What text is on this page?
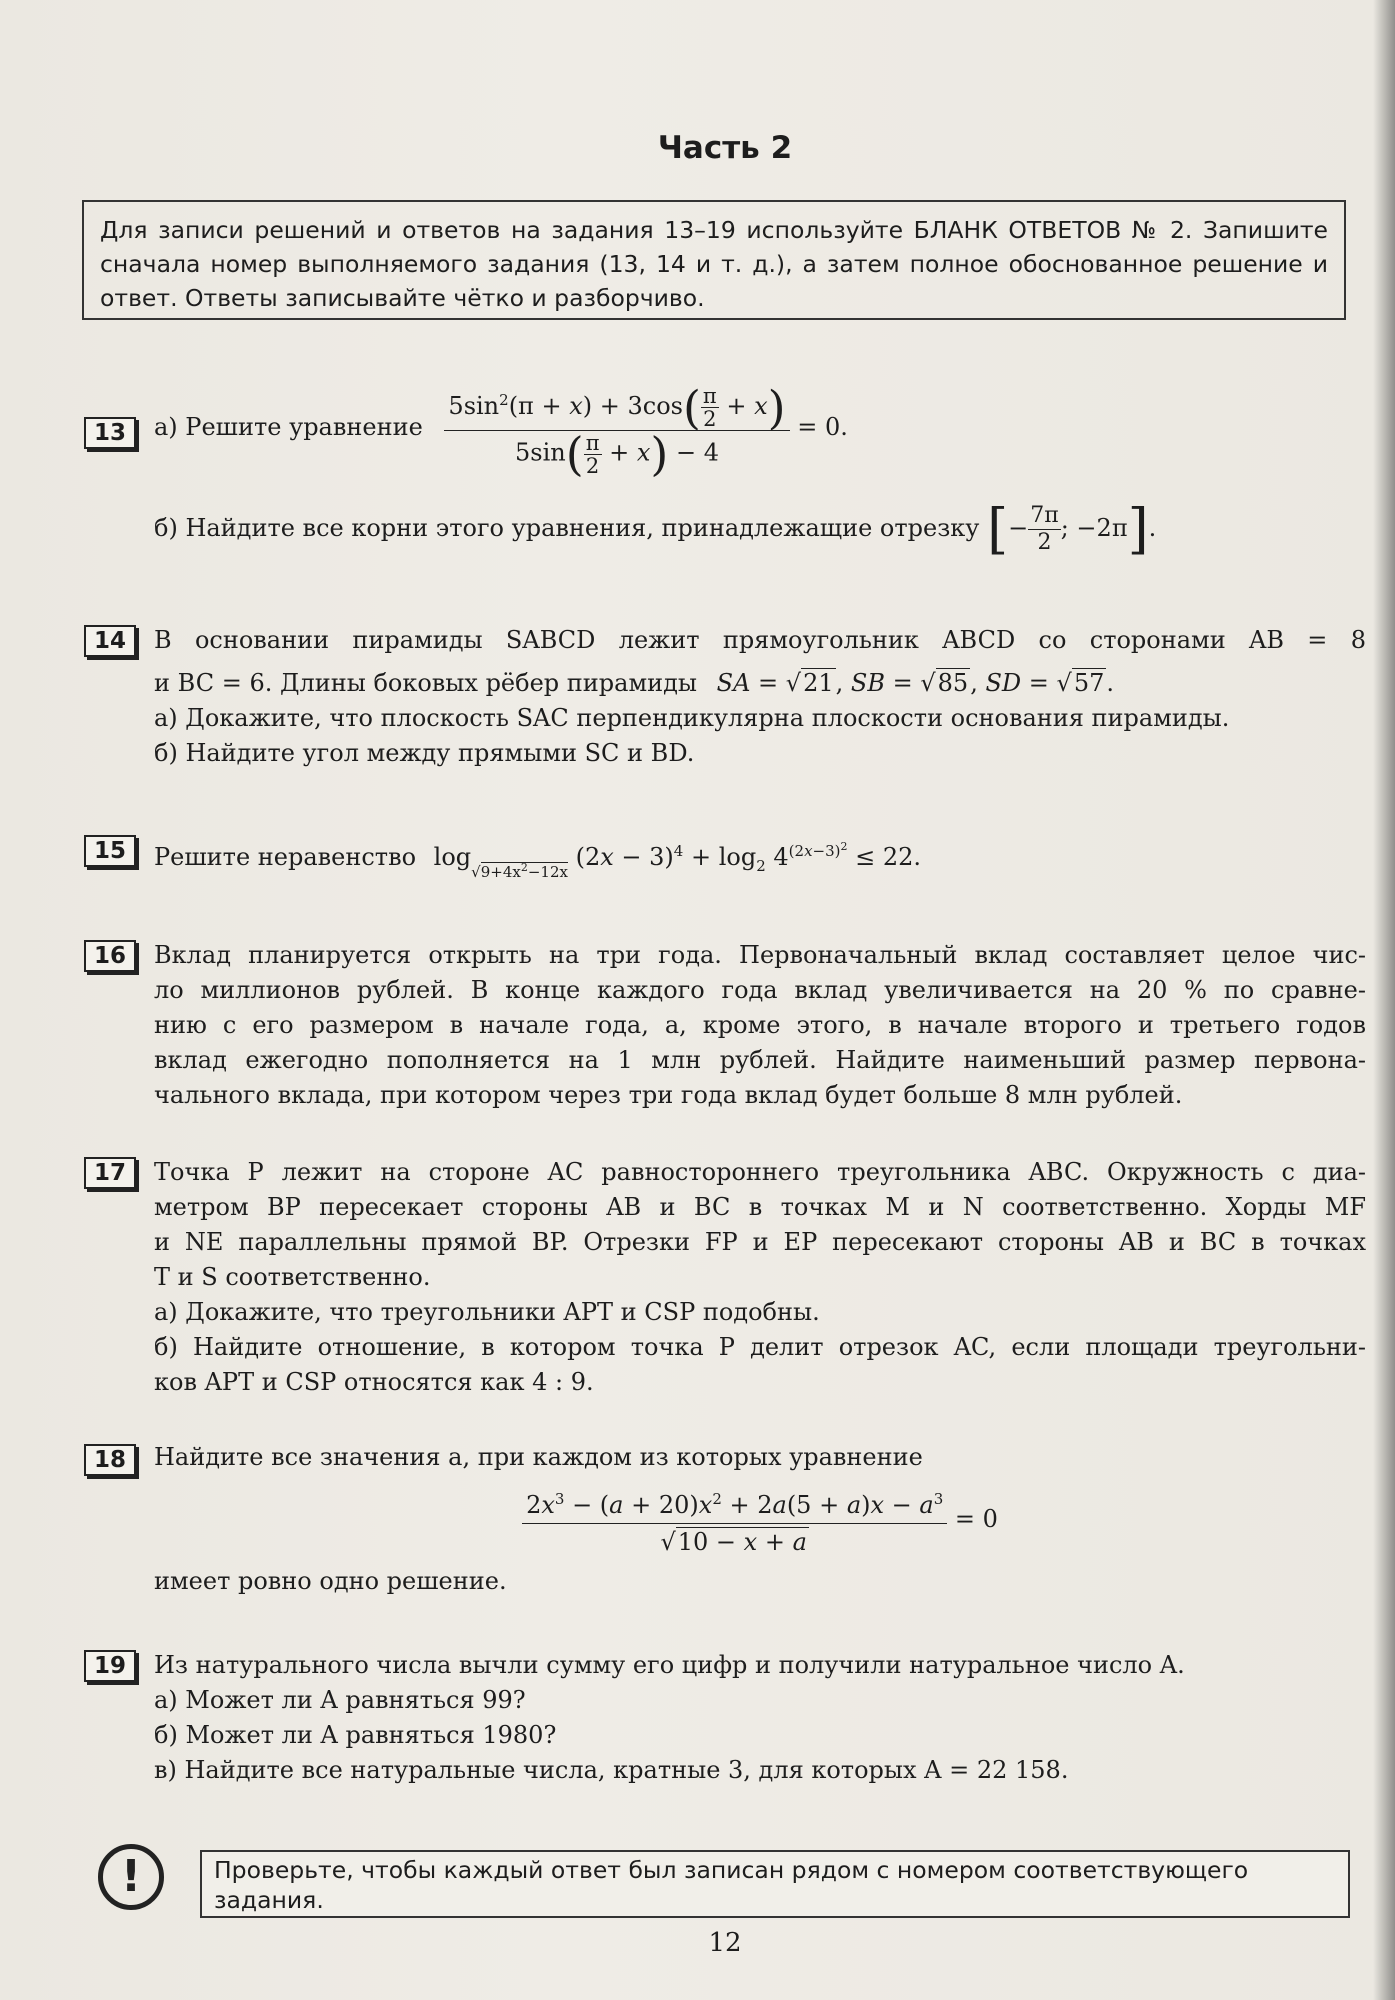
Часть 2
Для записи решений и ответов на задания 13–19 используйте БЛАНК ОТВЕТОВ № 2. Запишите сначала номер выполняемого задания (13, 14 и т. д.), а затем полное обоснованное решение и ответ. Ответы записывайте чётко и разборчиво.
13	а) Решите уравнение $\frac{5\sin^2(\pi + x) + 3\cos( \frac{\pi}{2} + x)}{5\sin( \frac{\pi}{2} + x) - 4} = 0$.
б) Найдите все корни этого уравнения, принадлежащие отрезку [− $\frac{7\pi}{2}$ ; −2π].
14	В основании пирамиды SABCD лежит прямоугольник ABCD со сторонами AB = 8
и BC = 6. Длины боковых рёбер пирамиды SA = √21, SB = √85, SD = √57.
а) Докажите, что плоскость SAC перпендикулярна плоскости основания пирамиды.
б) Найдите угол между прямыми SC и BD.
15	Решите неравенство $\log_{√9+4x^2-12x} (2x - 3)^4 + \log_2 4^{(2x-3)^2} \le 22$.
16	Вклад планируется открыть на три года. Первоначальный вклад составляет целое чис-
ло миллионов рублей. В конце каждого года вклад увеличивается на 20 % по сравне-
нию с его размером в начале года, а, кроме этого, в начале второго и третьего годов
вклад ежегодно пополняется на 1 млн рублей. Найдите наименьший размер первона-
чального вклада, при котором через три года вклад будет больше 8 млн рублей.
17	Точка P лежит на стороне AC равностороннего треугольника ABC. Окружность с диа-
метром BP пересекает стороны AB и BC в точках M и N соответственно. Хорды MF
и NE параллельны прямой BP. Отрезки FP и EP пересекают стороны AB и BC в точках
T и S соответственно.
а) Докажите, что треугольники APT и CSP подобны.
б) Найдите отношение, в котором точка P делит отрезок AC, если площади треугольни-
ков APT и CSP относятся как 4 : 9.
18	Найдите все значения a, при каждом из которых уравнение
$\frac{2x^3 - (a + 20)x^2 + 2a(5 + a)x - a^3}{√10 - x + a} = 0$
имеет ровно одно решение.
19	Из натурального числа вычли сумму его цифр и получили натуральное число A.
а) Может ли A равняться 99?
б) Может ли A равняться 1980?
в) Найдите все натуральные числа, кратные 3, для которых A = 22 158.
!	Проверьте, чтобы каждый ответ был записан рядом с номером соответствующего задания.
12
